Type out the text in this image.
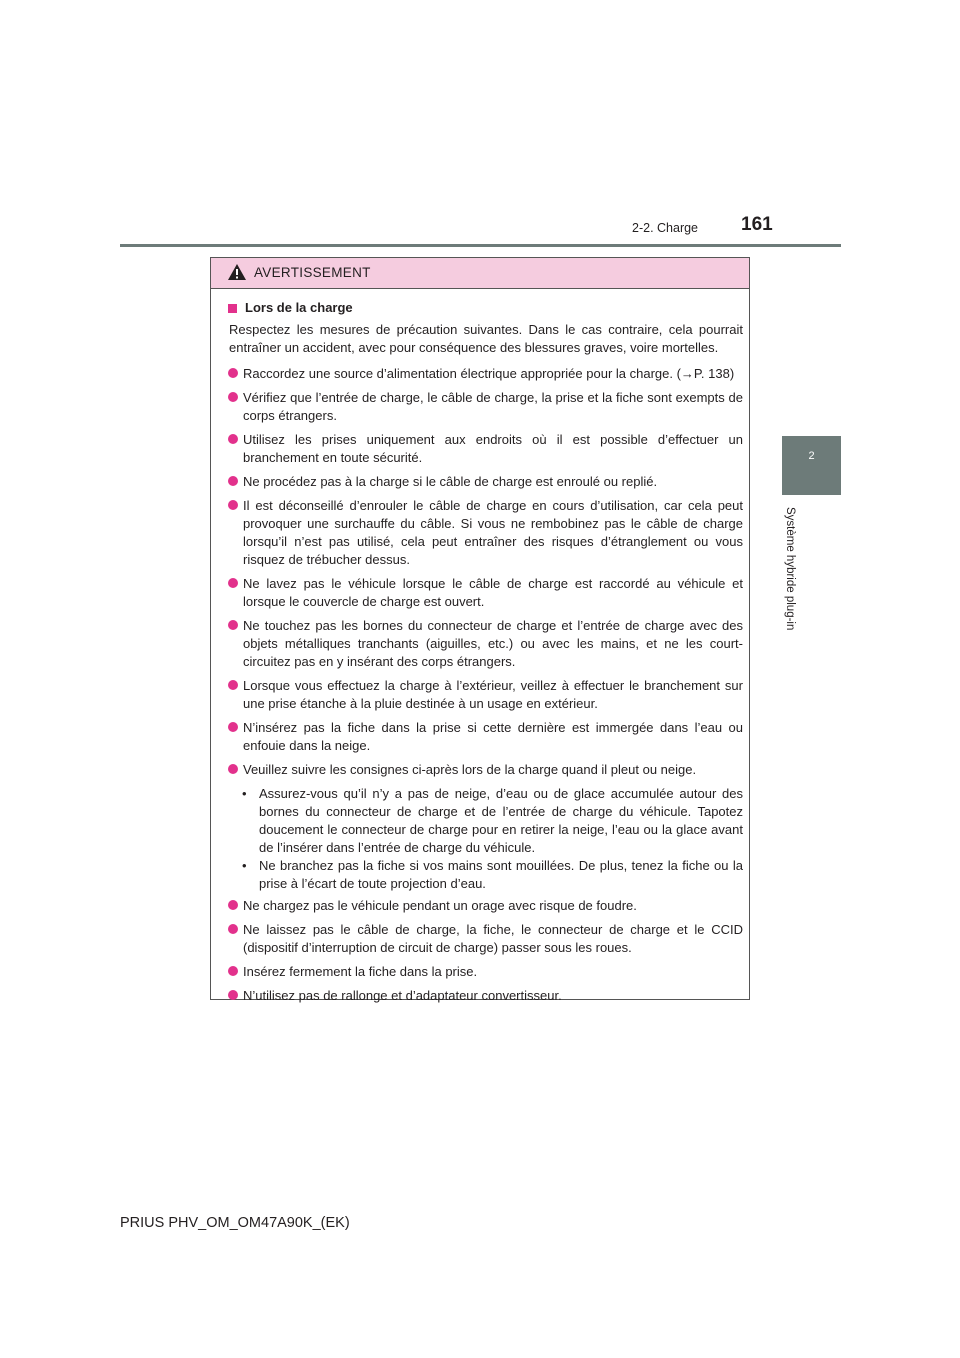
2-2. Charge 161
2
Système hybride plug-in
AVERTISSEMENT
Lors de la charge
Respectez les mesures de précaution suivantes. Dans le cas contraire, cela pourrait entraîner un accident, avec pour conséquence des blessures graves, voire mortelles.
Raccordez une source d’alimentation électrique appropriée pour la charge. (→P. 138)
Vérifiez que l’entrée de charge, le câble de charge, la prise et la fiche sont exempts de corps étrangers.
Utilisez les prises uniquement aux endroits où il est possible d’effectuer un branchement en toute sécurité.
Ne procédez pas à la charge si le câble de charge est enroulé ou replié.
Il est déconseillé d’enrouler le câble de charge en cours d’utilisation, car cela peut provoquer une surchauffe du câble. Si vous ne rembobinez pas le câble de charge lorsqu’il n’est pas utilisé, cela peut entraîner des risques d’étranglement ou vous risquez de trébucher dessus.
Ne lavez pas le véhicule lorsque le câble de charge est raccordé au véhicule et lorsque le couvercle de charge est ouvert.
Ne touchez pas les bornes du connecteur de charge et l’entrée de charge avec des objets métalliques tranchants (aiguilles, etc.) ou avec les mains, et ne les court-circuitez pas en y insérant des corps étrangers.
Lorsque vous effectuez la charge à l’extérieur, veillez à effectuer le branchement sur une prise étanche à la pluie destinée à un usage en extérieur.
N’insérez pas la fiche dans la prise si cette dernière est immergée dans l’eau ou enfouie dans la neige.
Veuillez suivre les consignes ci-après lors de la charge quand il pleut ou neige.
• Assurez-vous qu’il n’y a pas de neige, d’eau ou de glace accumulée autour des bornes du connecteur de charge et de l’entrée de charge du véhicule. Tapotez doucement le connecteur de charge pour en retirer la neige, l’eau ou la glace avant de l’insérer dans l’entrée de charge du véhicule.
• Ne branchez pas la fiche si vos mains sont mouillées. De plus, tenez la fiche ou la prise à l’écart de toute projection d’eau.
Ne chargez pas le véhicule pendant un orage avec risque de foudre.
Ne laissez pas le câble de charge, la fiche, le connecteur de charge et le CCID (dispositif d’interruption de circuit de charge) passer sous les roues.
Insérez fermement la fiche dans la prise.
N’utilisez pas de rallonge et d’adaptateur convertisseur.
PRIUS PHV_OM_OM47A90K_(EK)
